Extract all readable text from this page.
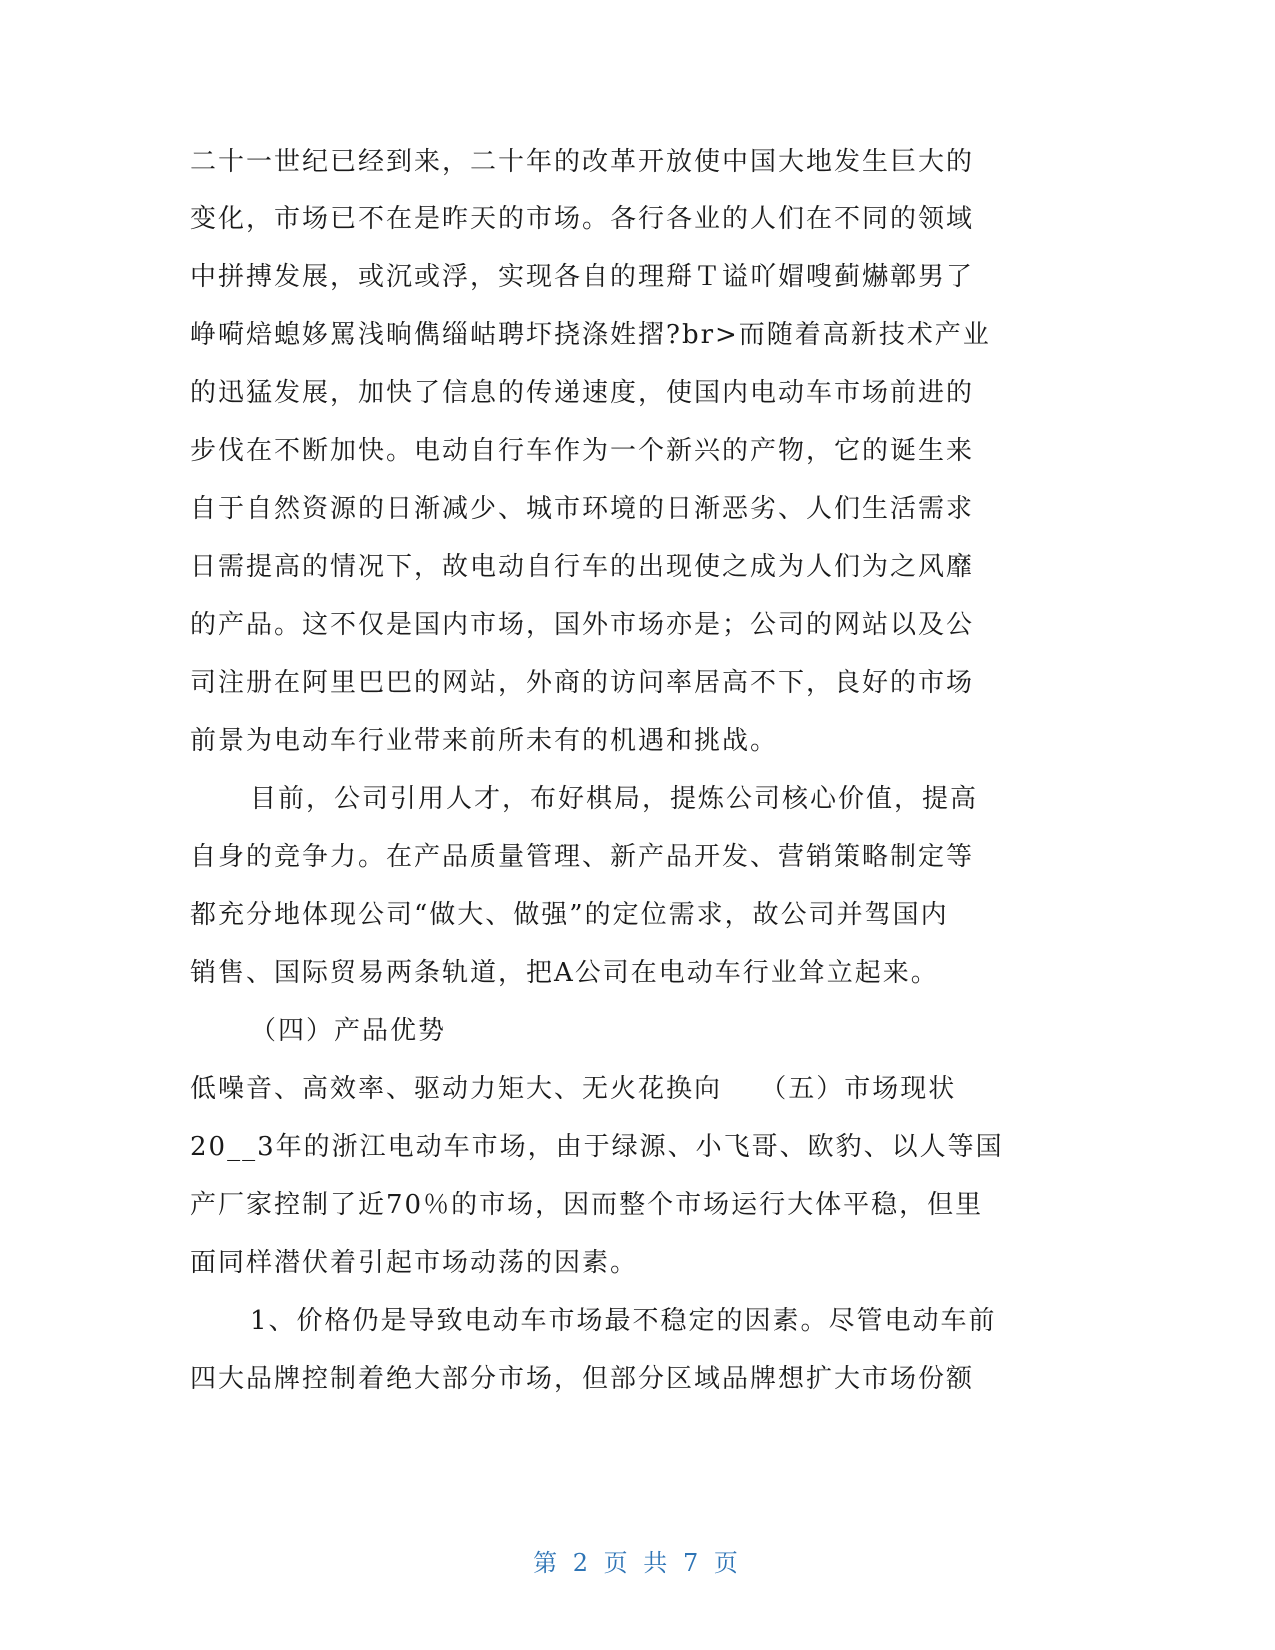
二十一世纪已经到来，二十年的改革开放使中国大地发生巨大的
变化，市场已不在是昨天的市场。各行各业的人们在不同的领域
中拼搏发展，或沉或浮，实现各自的理搿Ｔ谥吖媢嗖蓟爀鄣男了
峥嗬焙螅姼罵浅晌儁缁岵聘圷挠涤姓摺?br>而随着高新技术产业
的迅猛发展，加快了信息的传递速度，使国内电动车市场前进的
步伐在不断加快。电动自行车作为一个新兴的产物，它的诞生来
自于自然资源的日渐减少、城市环境的日渐恶劣、人们生活需求
日需提高的情况下，故电动自行车的出现使之成为人们为之风靡
的产品。这不仅是国内市场，国外市场亦是；公司的网站以及公
司注册在阿里巴巴的网站，外商的访问率居高不下，良好的市场
前景为电动车行业带来前所未有的机遇和挑战。
目前，公司引用人才，布好棋局，提炼公司核心价值，提高
自身的竞争力。在产品质量管理、新产品开发、营销策略制定等
都充分地体现公司“做大、做强”的定位需求，故公司并驾国内
销售、国际贸易两条轨道，把A公司在电动车行业耸立起来。
（四）产品优势
低噪音、高效率、驱动力矩大、无火花换向　 （五）市场现状
20__3年的浙江电动车市场，由于绿源、小飞哥、欧豹、以人等国
产厂家控制了近70％的市场，因而整个市场运行大体平稳，但里
面同样潜伏着引起市场动荡的因素。
1、价格仍是导致电动车市场最不稳定的因素。尽管电动车前
四大品牌控制着绝大部分市场，但部分区域品牌想扩大市场份额
第 2 页 共 7 页
